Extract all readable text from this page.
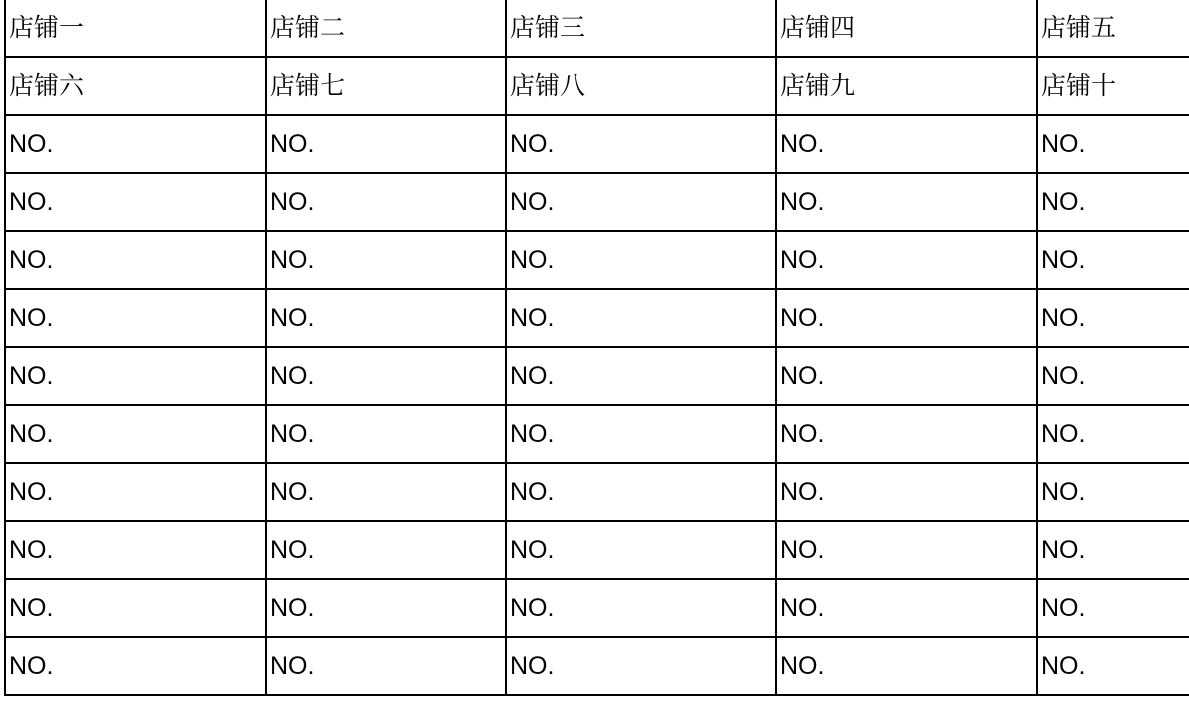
店铺一	店铺二	店铺三	店铺四	店铺五
店铺六	店铺七	店铺八	店铺九	店铺十
NO.	NO.	NO.	NO.	NO.
NO.	NO.	NO.	NO.	NO.
NO.	NO.	NO.	NO.	NO.
NO.	NO.	NO.	NO.	NO.
NO.	NO.	NO.	NO.	NO.
NO.	NO.	NO.	NO.	NO.
NO.	NO.	NO.	NO.	NO.
NO.	NO.	NO.	NO.	NO.
NO.	NO.	NO.	NO.	NO.
NO.	NO.	NO.	NO.	NO.
